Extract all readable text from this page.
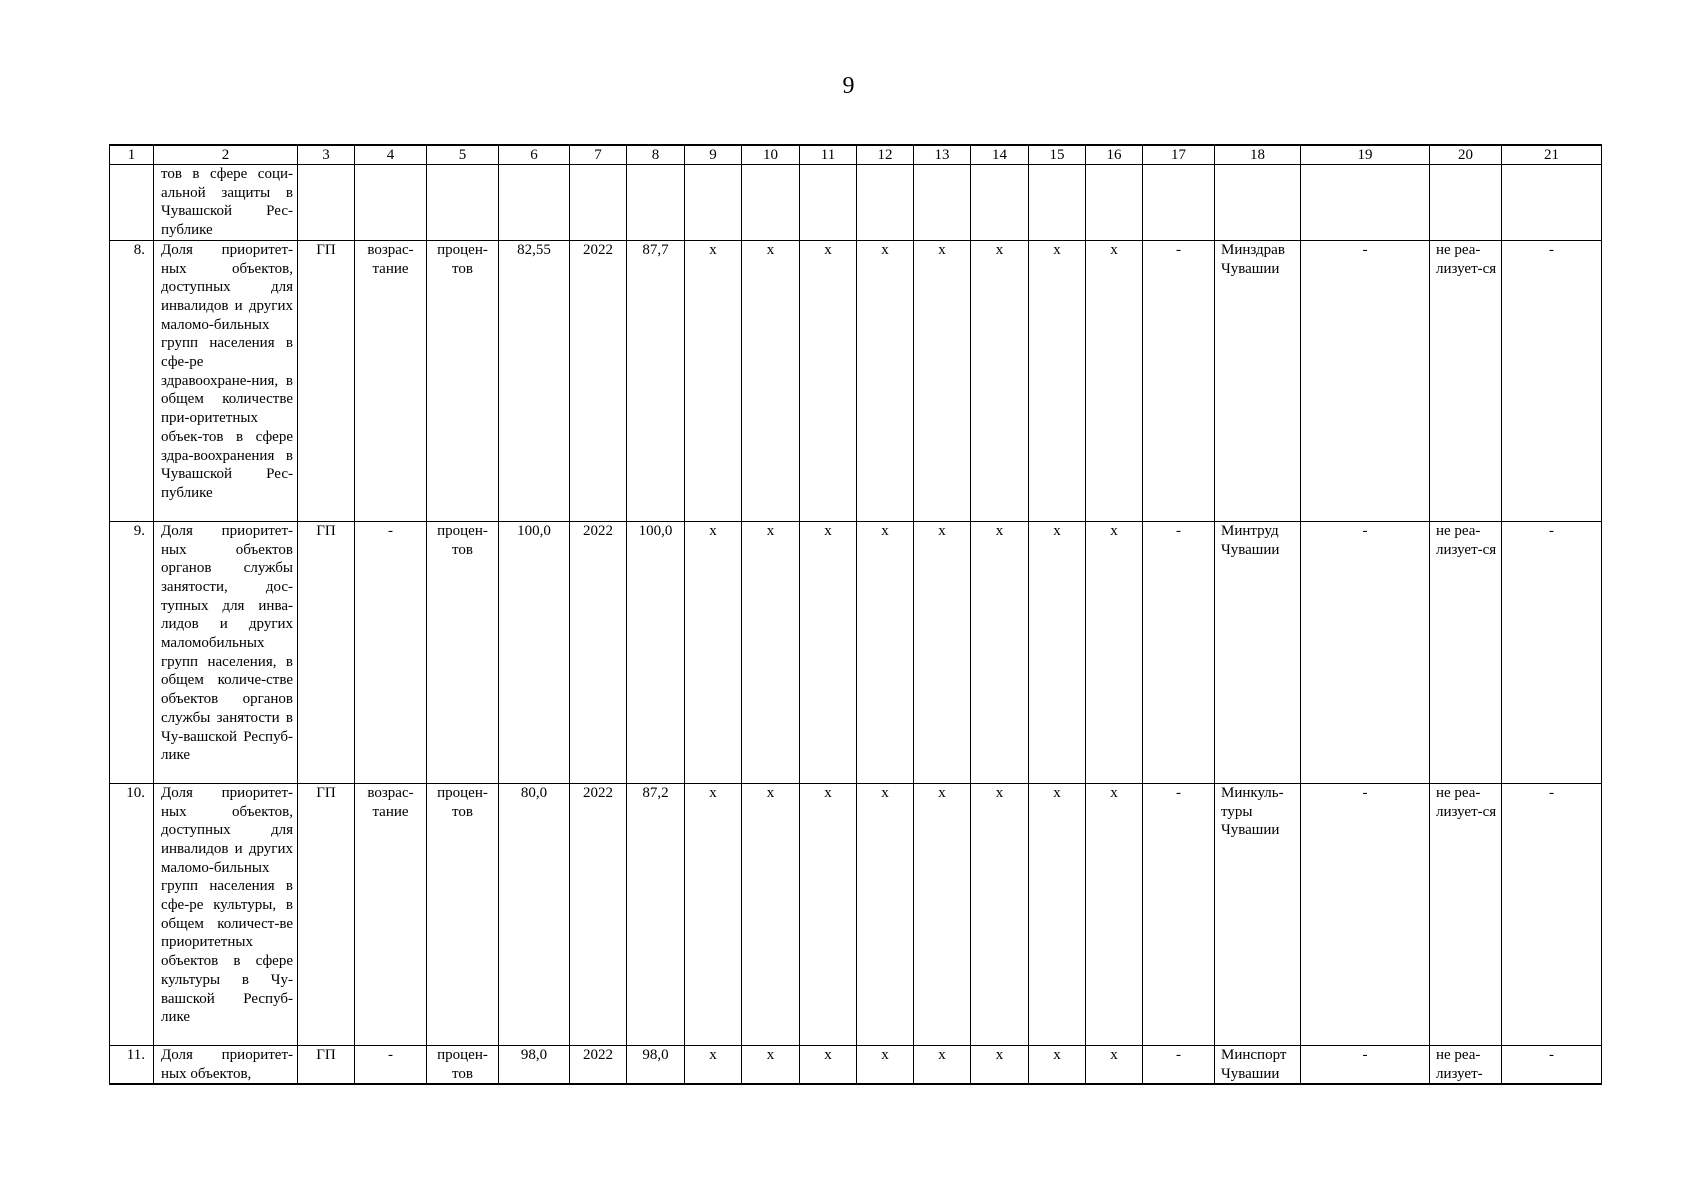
9
1	2	3	4	5	6	7	8	9	10	11	12	13	14	15	16	17	18	19	20	21

	тов в сфере соци-альной защиты в Чувашской Рес-публике																			

8.	Доля приоритет-ных объектов, доступных для инвалидов и других маломо-бильных групп населения в сфе-ре здравоохране-ния, в общем количестве при-оритетных объек-тов в сфере здра-воохранения в Чувашской Рес-публике	ГП	возрас-тание	процен-тов	82,55	2022	87,7	х	х	х	х	х	х	х	х	-	Минздрав Чувашии	-	не реа-лизует-ся	-

9.	Доля приоритет-ных объектов органов службы занятости, дос-тупных для инва-лидов и других маломобильных групп населения, в общем количе-стве объектов органов службы занятости в Чу-вашской Респуб-лике	ГП	-	процен-тов	100,0	2022	100,0	х	х	х	х	х	х	х	х	-	Минтруд Чувашии	-	не реа-лизует-ся	-

10.	Доля приоритет-ных объектов, доступных для инвалидов и других маломо-бильных групп населения в сфе-ре культуры, в общем количест-ве приоритетных объектов в сфере культуры в Чу-вашской Респуб-лике	ГП	возрас-тание	процен-тов	80,0	2022	87,2	х	х	х	х	х	х	х	х	-	Минкуль-туры Чувашии	-	не реа-лизует-ся	-

11.	Доля приоритет-ных объектов,	ГП	-	процен-тов	98,0	2022	98,0	х	х	х	х	х	х	х	х	-	Минспорт Чувашии	-	не реа-лизует-	-
